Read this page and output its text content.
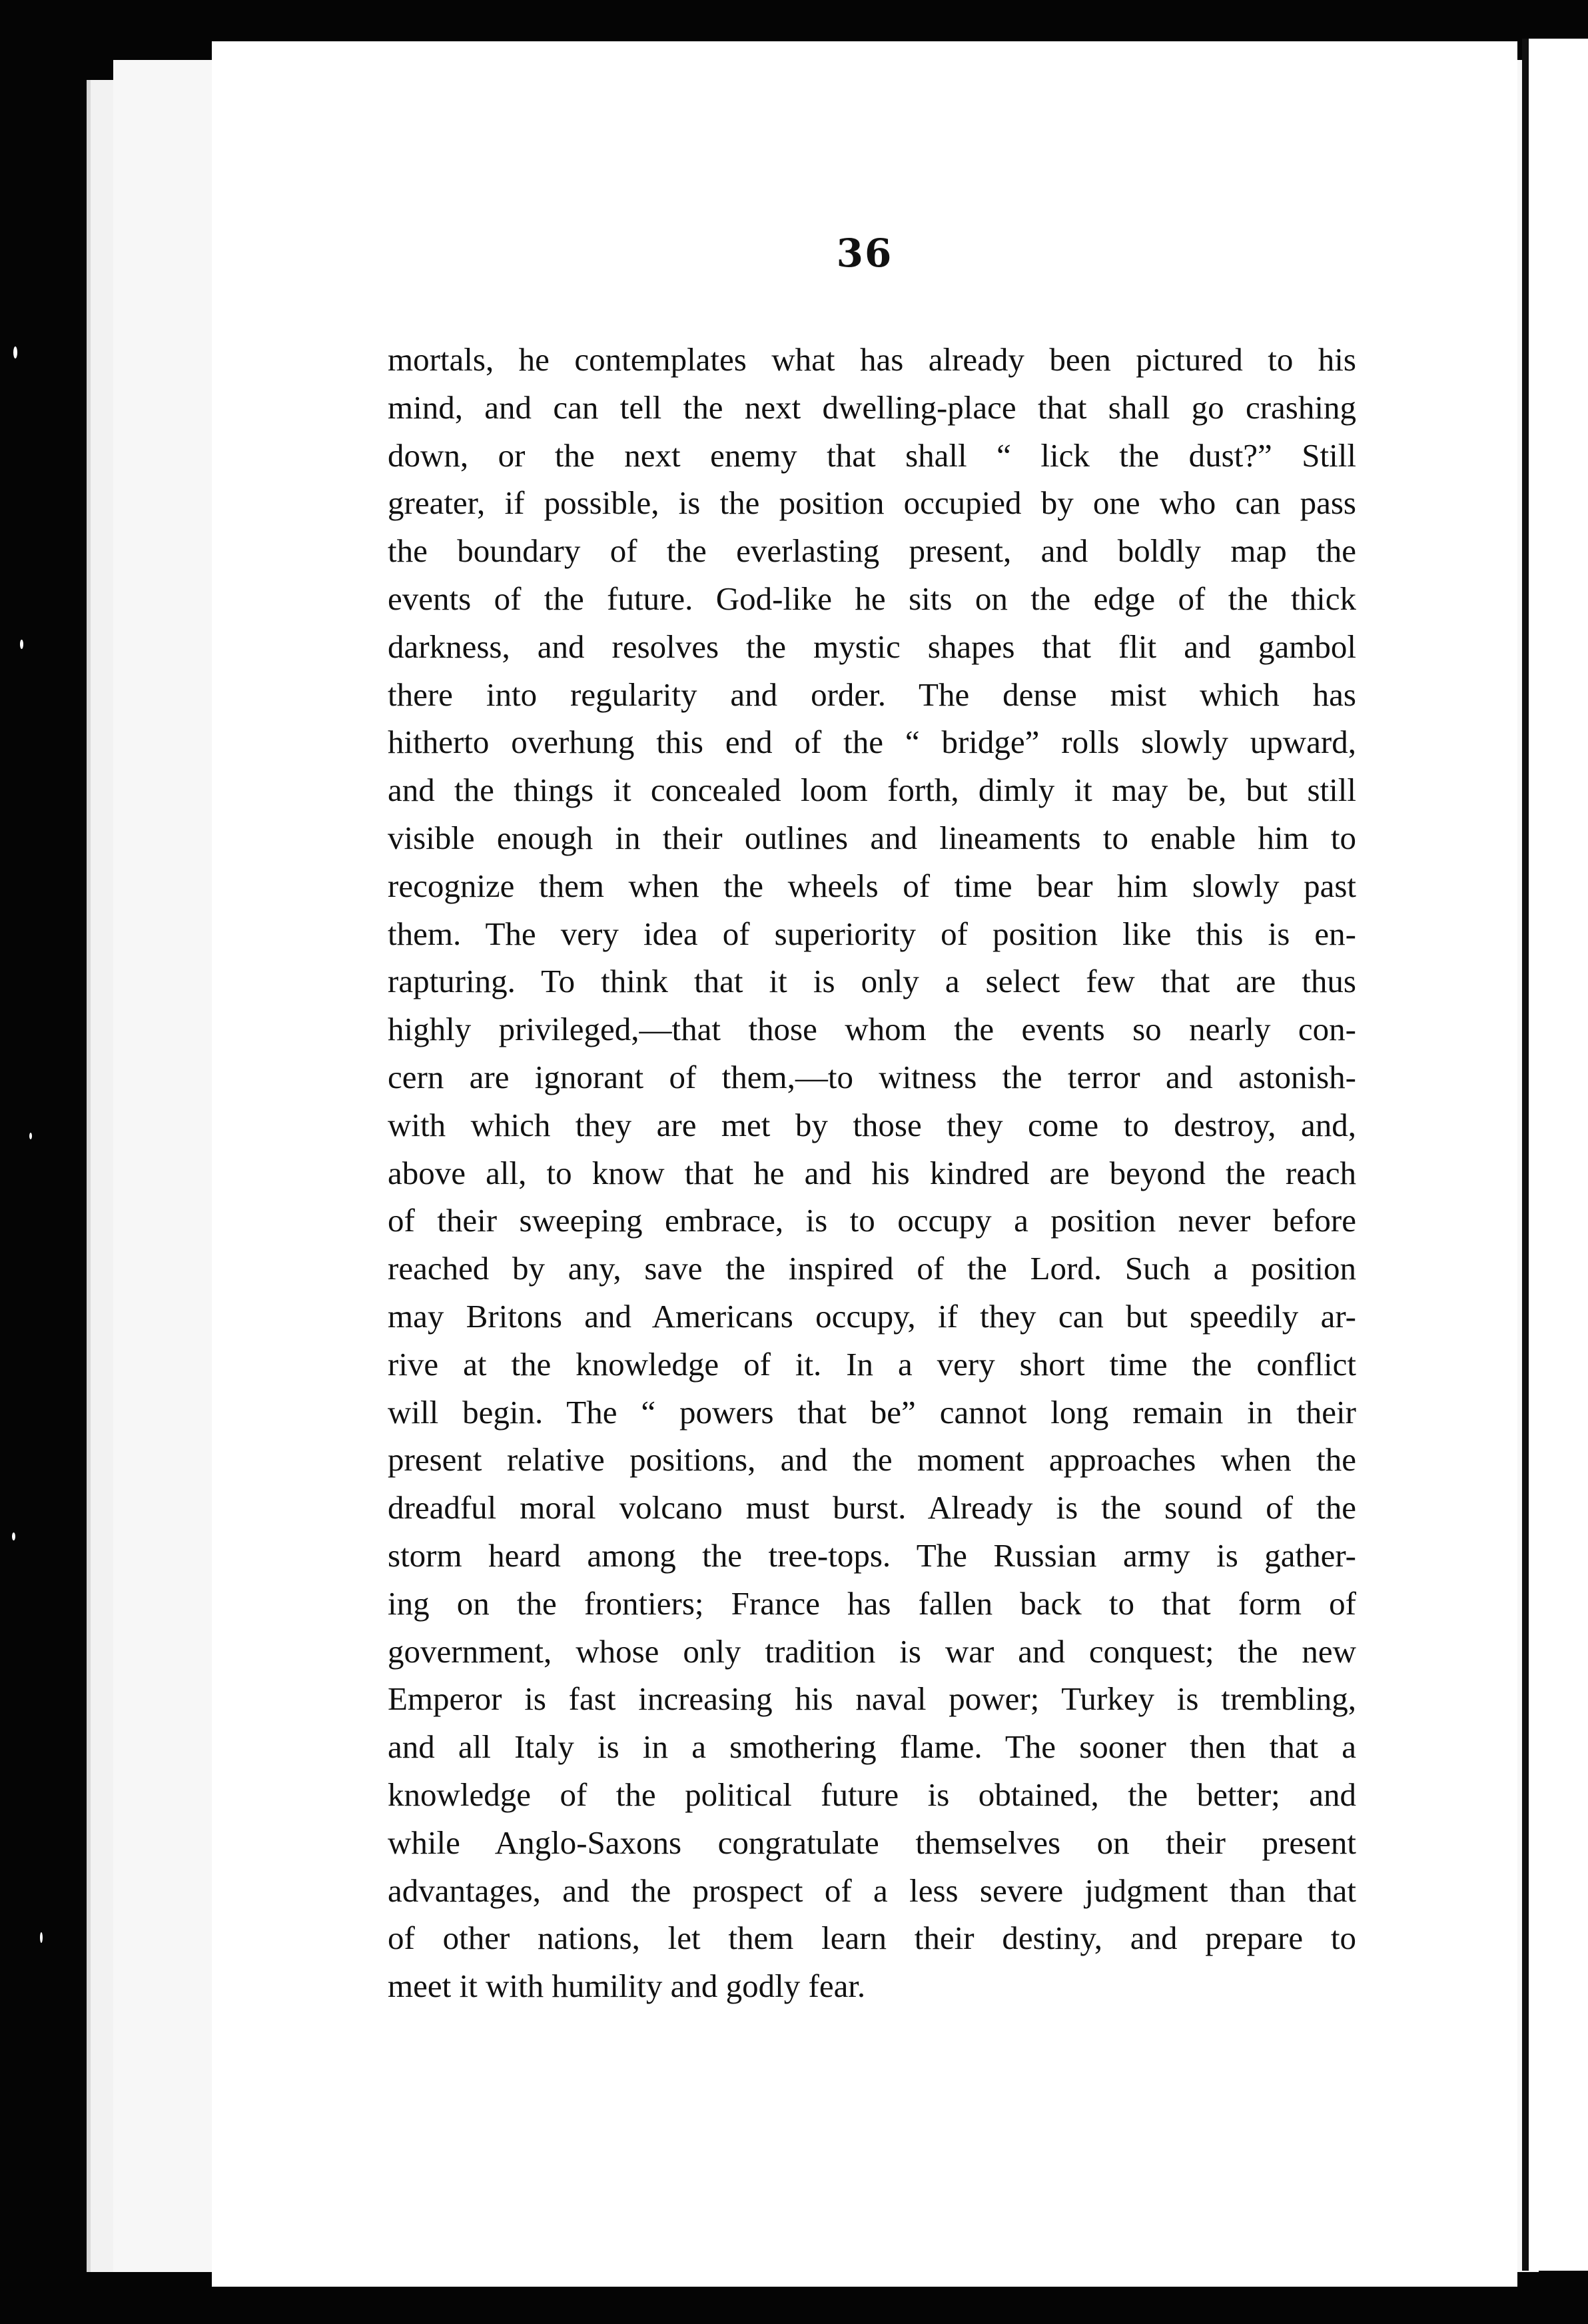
36
mortals, he contemplates what has already been pictured to his
mind, and can tell the next dwelling-place that shall go crashing
down, or the next enemy that shall “ lick the dust?” Still
greater, if possible, is the position occupied by one who can pass
the boundary of the everlasting present, and boldly map the
events of the future. God-like he sits on the edge of the thick
darkness, and resolves the mystic shapes that flit and gambol
there into regularity and order. The dense mist which has
hitherto overhung this end of the “ bridge” rolls slowly upward,
and the things it concealed loom forth, dimly it may be, but still
visible enough in their outlines and lineaments to enable him to
recognize them when the wheels of time bear him slowly past
them. The very idea of superiority of position like this is en-
rapturing. To think that it is only a select few that are thus
highly privileged,—that those whom the events so nearly con-
cern are ignorant of them,—to witness the terror and astonish-
with which they are met by those they come to destroy, and,
above all, to know that he and his kindred are beyond the reach
of their sweeping embrace, is to occupy a position never before
reached by any, save the inspired of the Lord. Such a position
may Britons and Americans occupy, if they can but speedily ar-
rive at the knowledge of it. In a very short time the conflict
will begin. The “ powers that be” cannot long remain in their
present relative positions, and the moment approaches when the
dreadful moral volcano must burst. Already is the sound of the
storm heard among the tree-tops. The Russian army is gather-
ing on the frontiers; France has fallen back to that form of
government, whose only tradition is war and conquest; the new
Emperor is fast increasing his naval power; Turkey is trembling,
and all Italy is in a smothering flame. The sooner then that a
knowledge of the political future is obtained, the better; and
while Anglo-Saxons congratulate themselves on their present
advantages, and the prospect of a less severe judgment than that
of other nations, let them learn their destiny, and prepare to
meet it with humility and godly fear.
